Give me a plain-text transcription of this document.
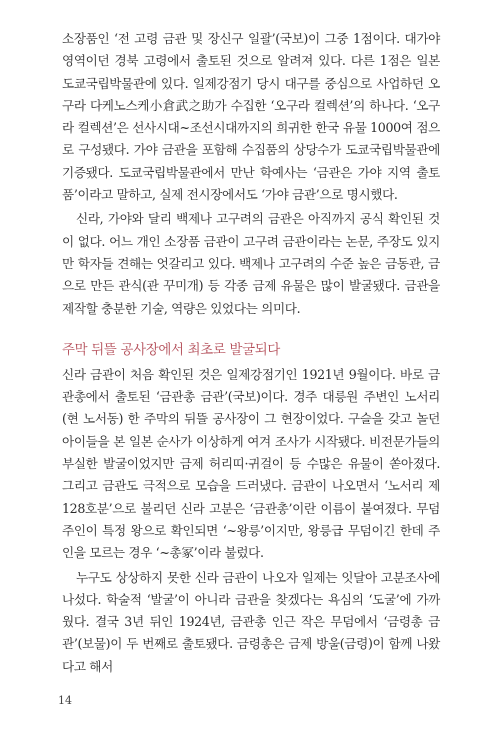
소장품인 ‘전 고령 금관 및 장신구 일괄’(국보)이 그중 1점이다. 대가야 영역이던 경북 고령에서 출토된 것으로 알려져 있다. 다른 1점은 일본 도쿄국립박물관에 있다. 일제강점기 당시 대구를 중심으로 사업하던 오구라 다케노스케小倉武之助가 수집한 ‘오구라 컬렉션’의 하나다. ‘오구라 컬렉션’은 선사시대~조선시대까지의 희귀한 한국 유물 1000여 점으로 구성됐다. 가야 금관을 포함해 수집품의 상당수가 도쿄국립박물관에 기증됐다. 도쿄국립박물관에서 만난 학예사는 ‘금관은 가야 지역 출토품’이라고 말하고, 실제 전시장에서도 ‘가야 금관’으로 명시했다.

신라, 가야와 달리 백제나 고구려의 금관은 아직까지 공식 확인된 것이 없다. 어느 개인 소장품 금관이 고구려 금관이라는 논문, 주장도 있지만 학자들 견해는 엇갈리고 있다. 백제나 고구려의 수준 높은 금동관, 금으로 만든 관식(관 꾸미개) 등 각종 금제 유물은 많이 발굴됐다. 금관을 제작할 충분한 기술, 역량은 있었다는 의미다.

주막 뒤뜰 공사장에서 최초로 발굴되다

신라 금관이 처음 확인된 것은 일제강점기인 1921년 9월이다. 바로 금관총에서 출토된 ‘금관총 금관’(국보)이다. 경주 대릉원 주변인 노서리(현 노서동) 한 주막의 뒤뜰 공사장이 그 현장이었다. 구슬을 갖고 놀던 아이들을 본 일본 순사가 이상하게 여겨 조사가 시작됐다. 비전문가들의 부실한 발굴이었지만 금제 허리띠·귀걸이 등 수많은 유물이 쏟아졌다. 그리고 금관도 극적으로 모습을 드러냈다. 금관이 나오면서 ‘노서리 제128호분’으로 불리던 신라 고분은 ‘금관총’이란 이름이 붙여졌다. 무덤 주인이 특정 왕으로 확인되면 ‘~왕릉’이지만, 왕릉급 무덤이긴 한데 주인을 모르는 경우 ‘~총冢’이라 불렀다.

누구도 상상하지 못한 신라 금관이 나오자 일제는 잇달아 고분조사에 나섰다. 학술적 ‘발굴’이 아니라 금관을 찾겠다는 욕심의 ‘도굴’에 가까웠다. 결국 3년 뒤인 1924년, 금관총 인근 작은 무덤에서 ‘금령총 금관’(보물)이 두 번째로 출토됐다. 금령총은 금제 방울(금령)이 함께 나왔다고 해서

14
